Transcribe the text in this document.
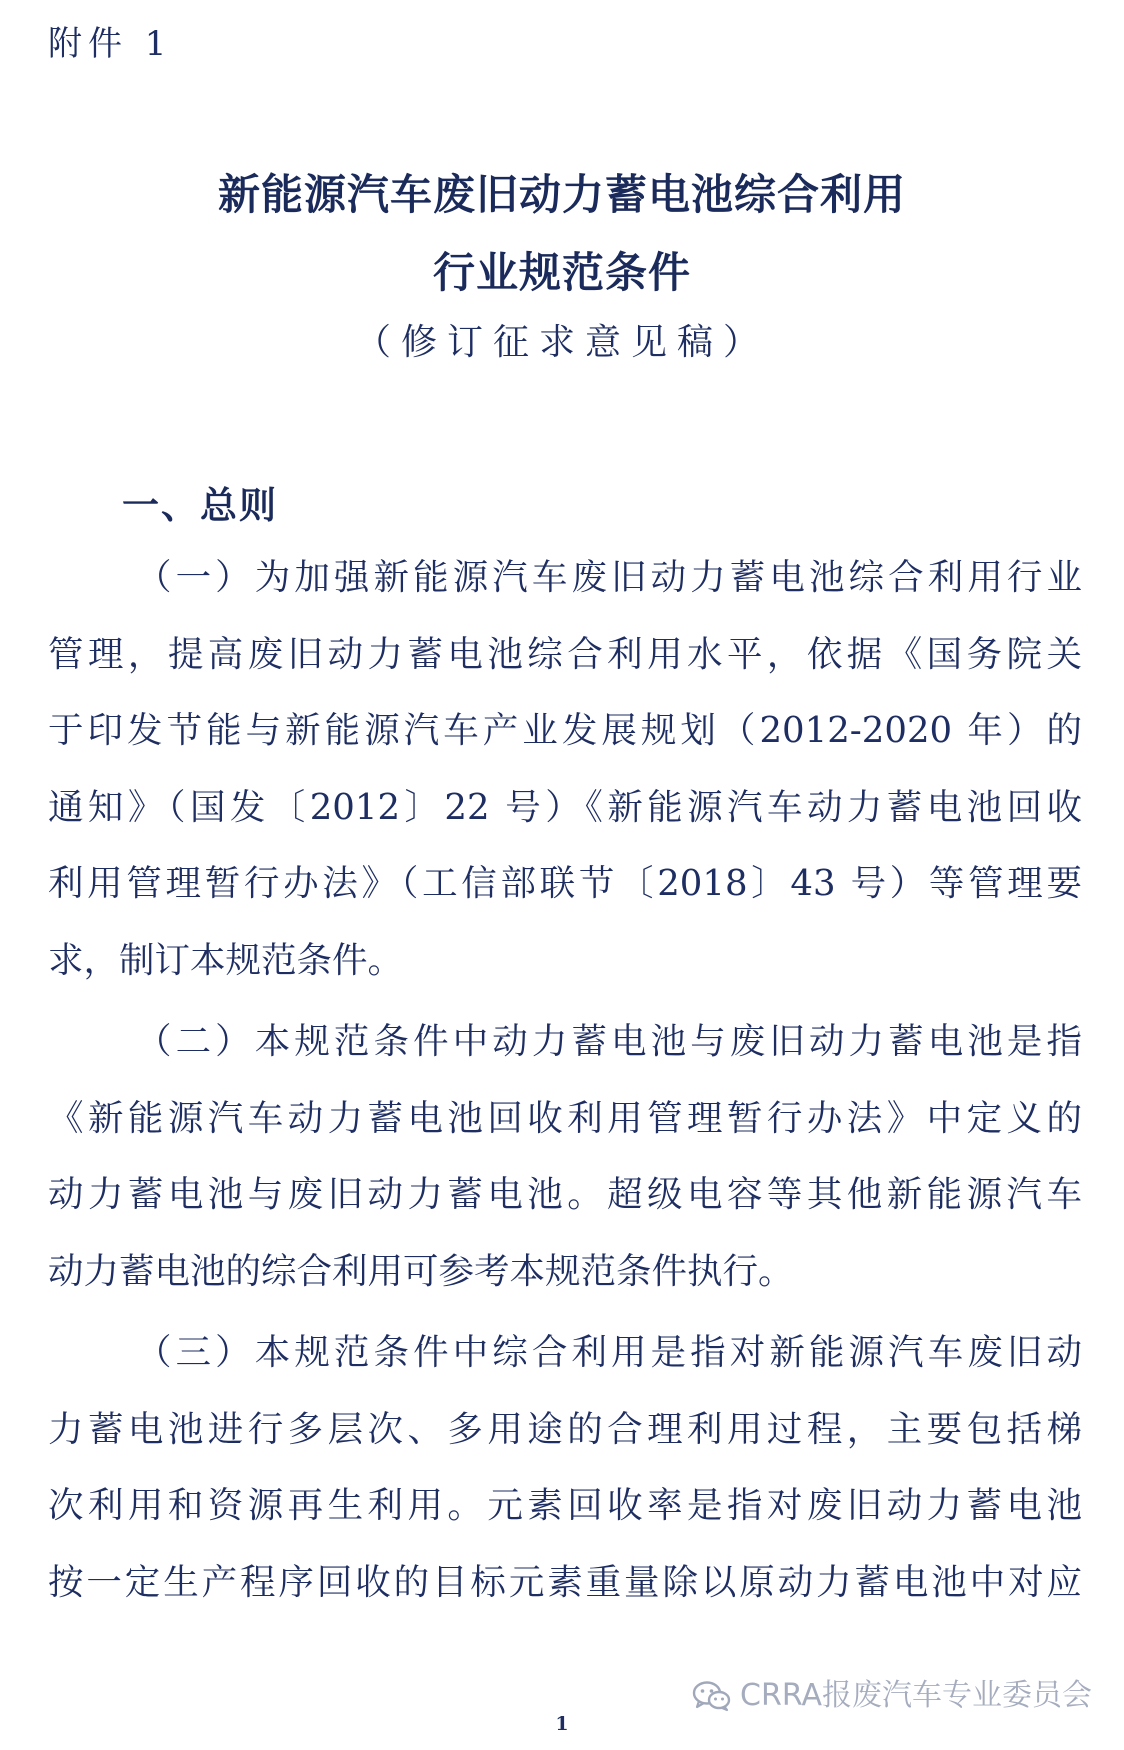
附件 1
新能源汽车废旧动力蓄电池综合利用
行业规范条件
（修订征求意见稿）
一、总则
（一）为加强新能源汽车废旧动力蓄电池综合利用行业
管理，提高废旧动力蓄电池综合利用水平，依据《国务院关
于印发节能与新能源汽车产业发展规划（2012-2020 年）的
通知》（国发〔2012〕22 号）《新能源汽车动力蓄电池回收
利用管理暂行办法》（工信部联节〔2018〕43 号）等管理要
求，制订本规范条件。
（二）本规范条件中动力蓄电池与废旧动力蓄电池是指
《新能源汽车动力蓄电池回收利用管理暂行办法》中定义的
动力蓄电池与废旧动力蓄电池。超级电容等其他新能源汽车
动力蓄电池的综合利用可参考本规范条件执行。
（三）本规范条件中综合利用是指对新能源汽车废旧动
力蓄电池进行多层次、多用途的合理利用过程，主要包括梯
次利用和资源再生利用。元素回收率是指对废旧动力蓄电池
按一定生产程序回收的目标元素重量除以原动力蓄电池中对应
CRRA报废汽车专业委员会
1
